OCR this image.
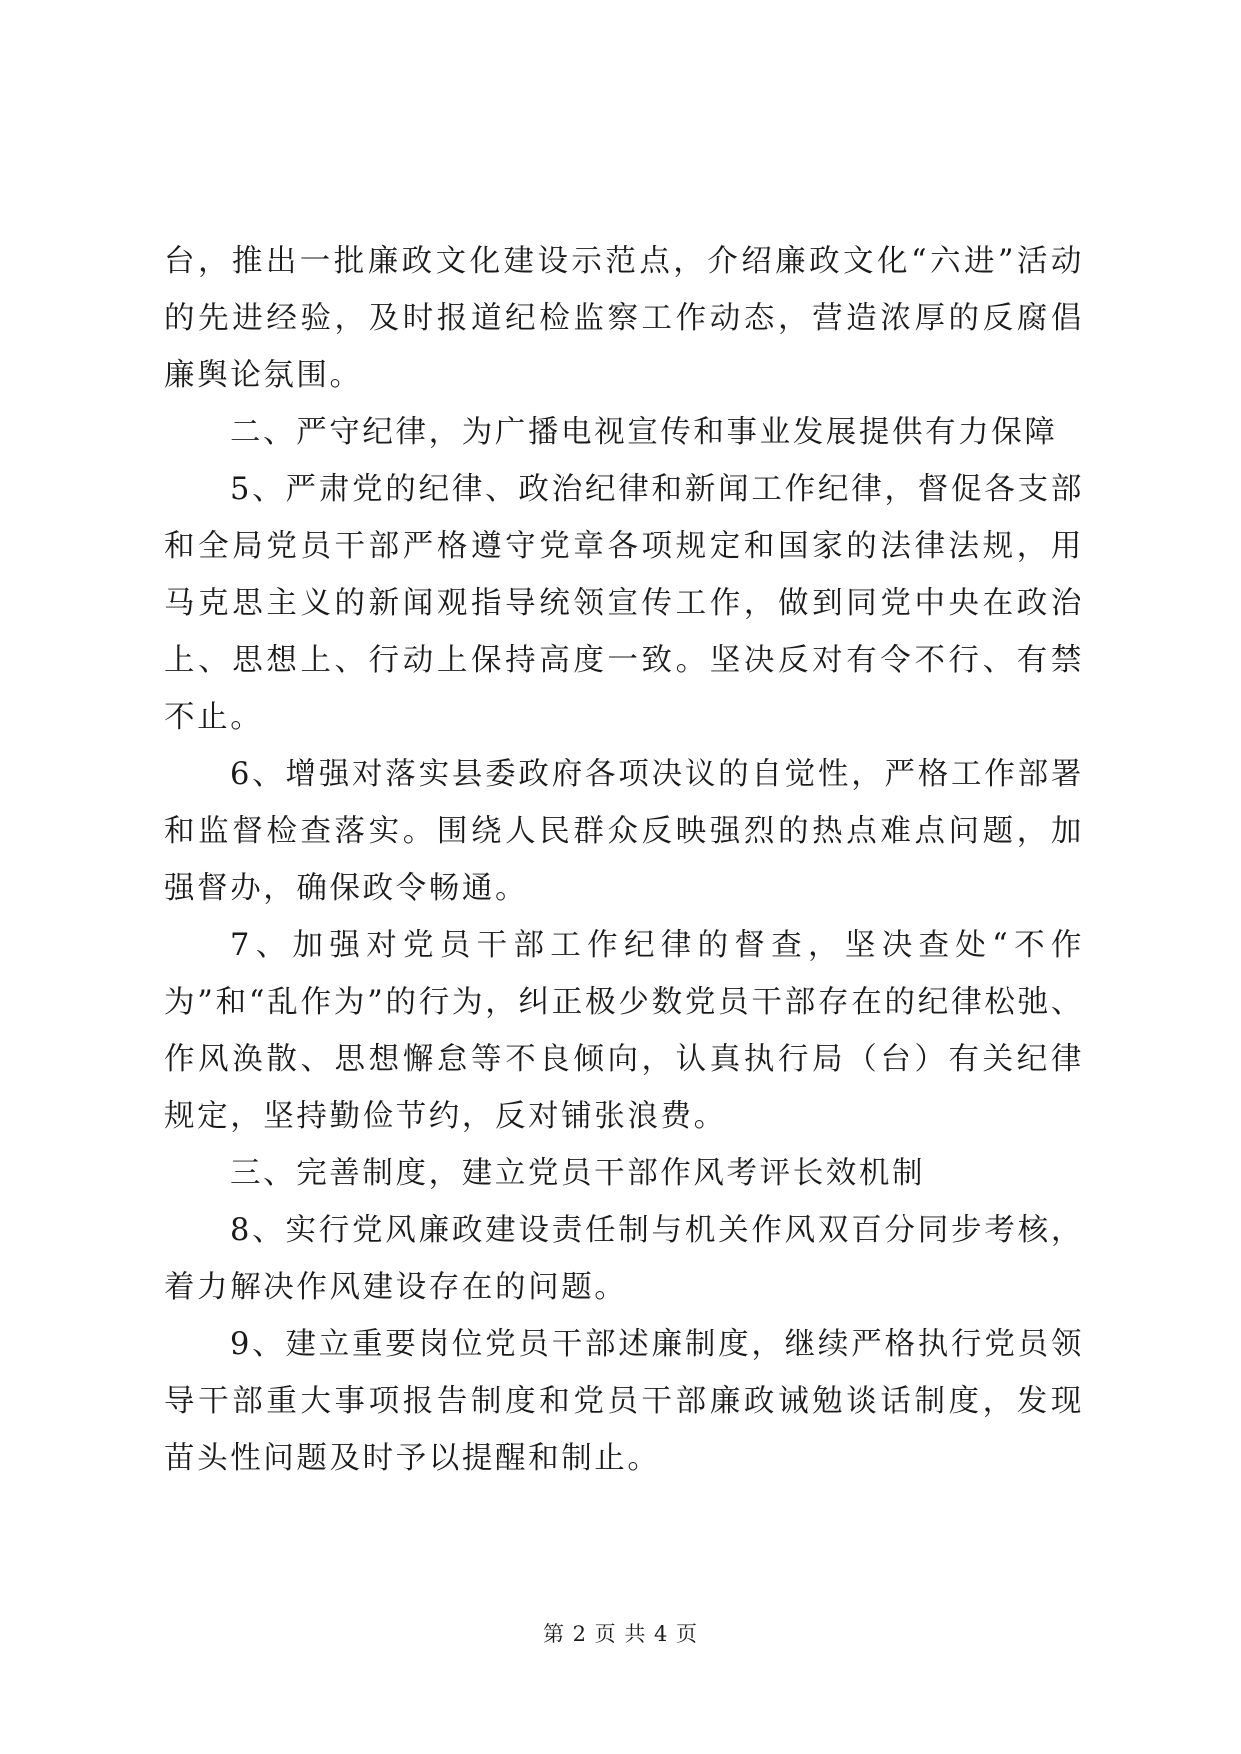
台，推出一批廉政文化建设示范点，介绍廉政文化“六进”活动的先进经验，及时报道纪检监察工作动态，营造浓厚的反腐倡廉舆论氛围。

二、严守纪律，为广播电视宣传和事业发展提供有力保障

5、严肃党的纪律、政治纪律和新闻工作纪律，督促各支部和全局党员干部严格遵守党章各项规定和国家的法律法规，用马克思主义的新闻观指导统领宣传工作，做到同党中央在政治上、思想上、行动上保持高度一致。坚决反对有令不行、有禁不止。

6、增强对落实县委政府各项决议的自觉性，严格工作部署和监督检查落实。围绕人民群众反映强烈的热点难点问题，加强督办，确保政令畅通。

7、加强对党员干部工作纪律的督查，坚决查处“不作为”和“乱作为”的行为，纠正极少数党员干部存在的纪律松弛、作风涣散、思想懈怠等不良倾向，认真执行局（台）有关纪律规定，坚持勤俭节约，反对铺张浪费。

三、完善制度，建立党员干部作风考评长效机制

8、实行党风廉政建设责任制与机关作风双百分同步考核，着力解决作风建设存在的问题。

9、建立重要岗位党员干部述廉制度，继续严格执行党员领导干部重大事项报告制度和党员干部廉政诫勉谈话制度，发现苗头性问题及时予以提醒和制止。

第 2 页 共 4 页
